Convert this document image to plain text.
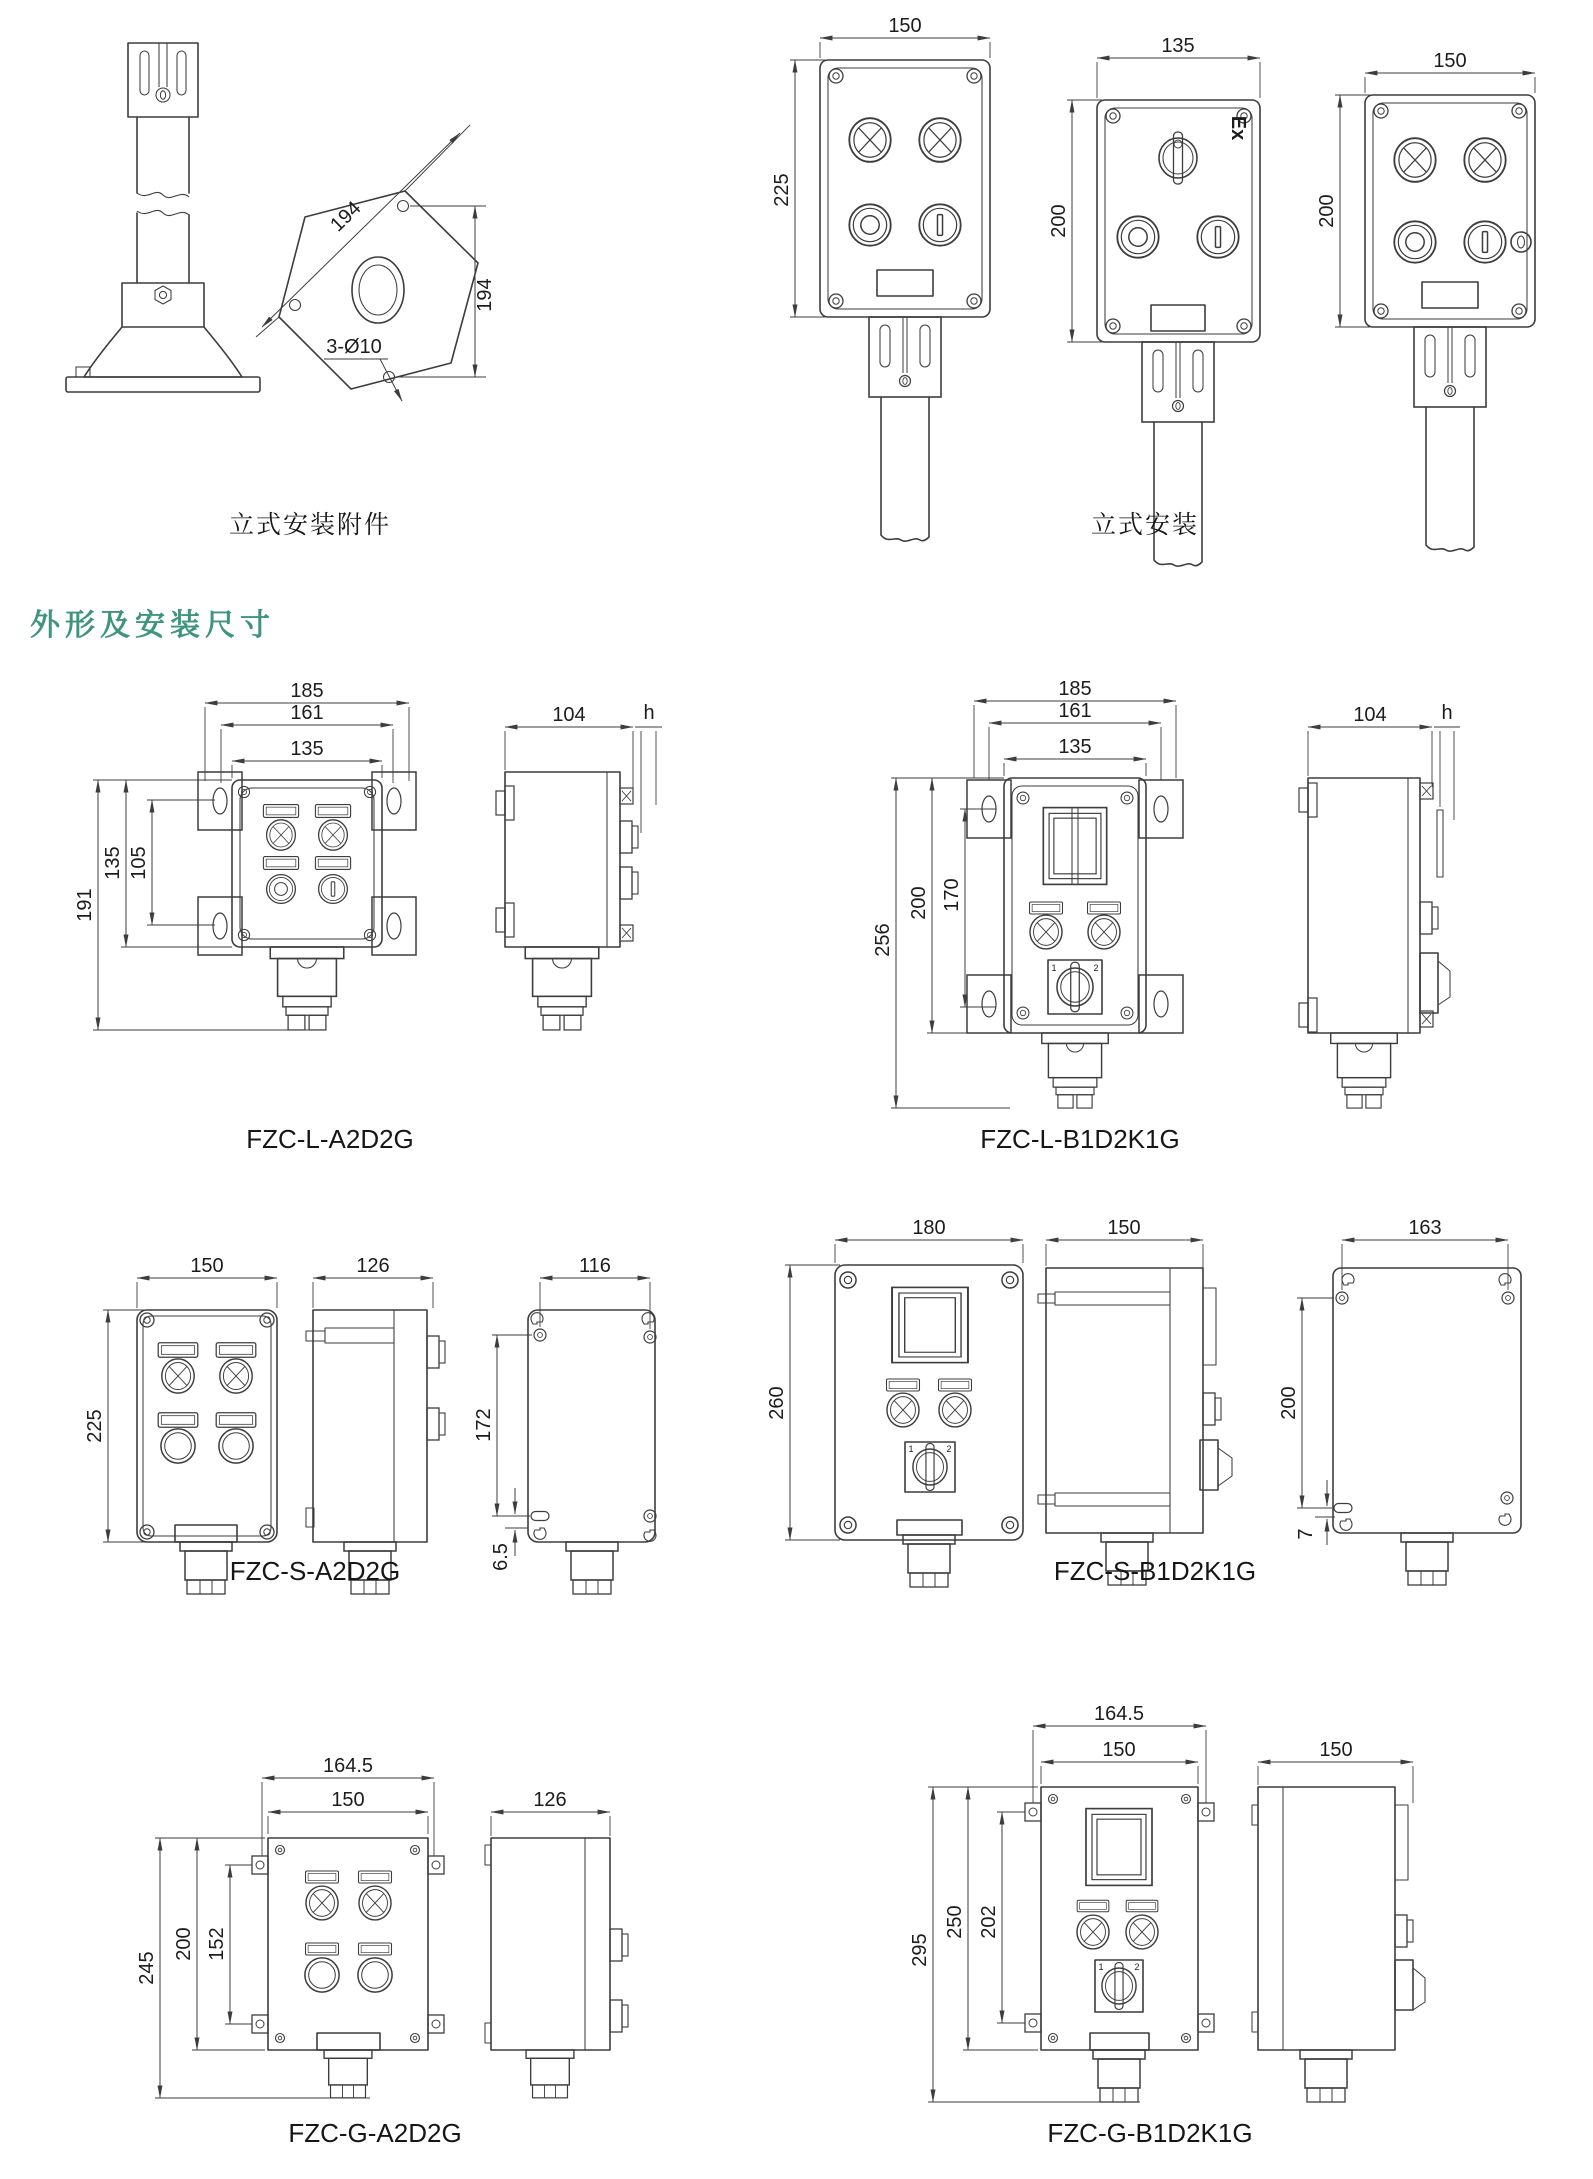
194
194
3-Ø10
立式安装附件
150
225
Ex
135
200
150
200
立式安装
外形及安装尺寸
185
161
135
191
135 105
104	h
FZC-L-A2D2G
1	2
185
161
135
256
200 170
104	h
FZC-L-B1D2K1G
150
225
126	116
172
6.5
FZC-S-A2D2G
1	2
180
260
150	163
200
7
FZC-S-B1D2K1G
164.5
150
245
200 152
126
FZC-G-A2D2G
1	2
164.5
150
295
250 202
150
FZC-G-B1D2K1G
